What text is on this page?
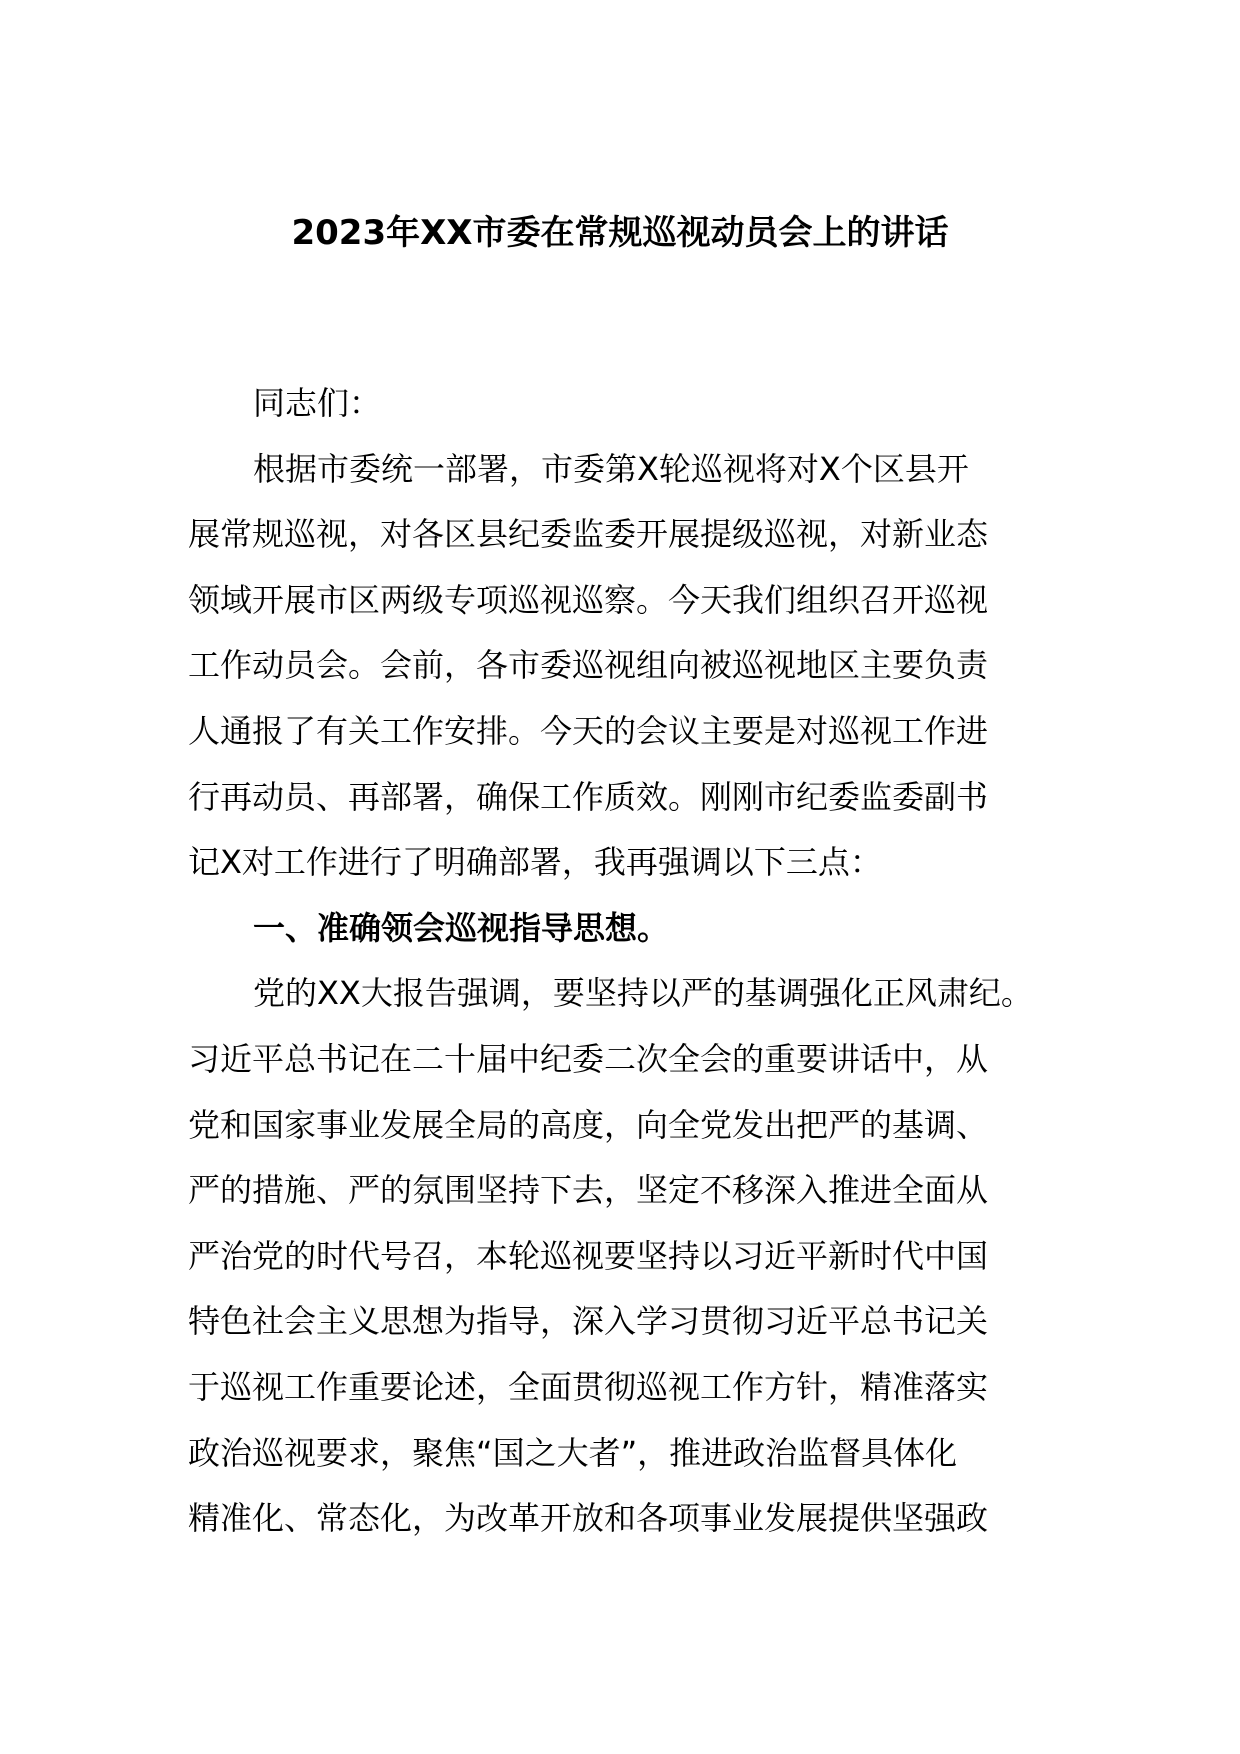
2023年XX市委在常规巡视动员会上的讲话
同志们：
根据市委统一部署，市委第X轮巡视将对X个区县开
展常规巡视，对各区县纪委监委开展提级巡视，对新业态
领域开展市区两级专项巡视巡察。今天我们组织召开巡视
工作动员会。会前，各市委巡视组向被巡视地区主要负责
人通报了有关工作安排。今天的会议主要是对巡视工作进
行再动员、再部署，确保工作质效。刚刚市纪委监委副书
记X对工作进行了明确部署，我再强调以下三点：
一、准确领会巡视指导思想。
党的XX大报告强调，要坚持以严的基调强化正风肃纪。
习近平总书记在二十届中纪委二次全会的重要讲话中，从
党和国家事业发展全局的高度，向全党发出把严的基调、
严的措施、严的氛围坚持下去，坚定不移深入推进全面从
严治党的时代号召，本轮巡视要坚持以习近平新时代中国
特色社会主义思想为指导，深入学习贯彻习近平总书记关
于巡视工作重要论述，全面贯彻巡视工作方针，精准落实
政治巡视要求，聚焦“国之大者”，推进政治监督具体化
精准化、常态化，为改革开放和各项事业发展提供坚强政
